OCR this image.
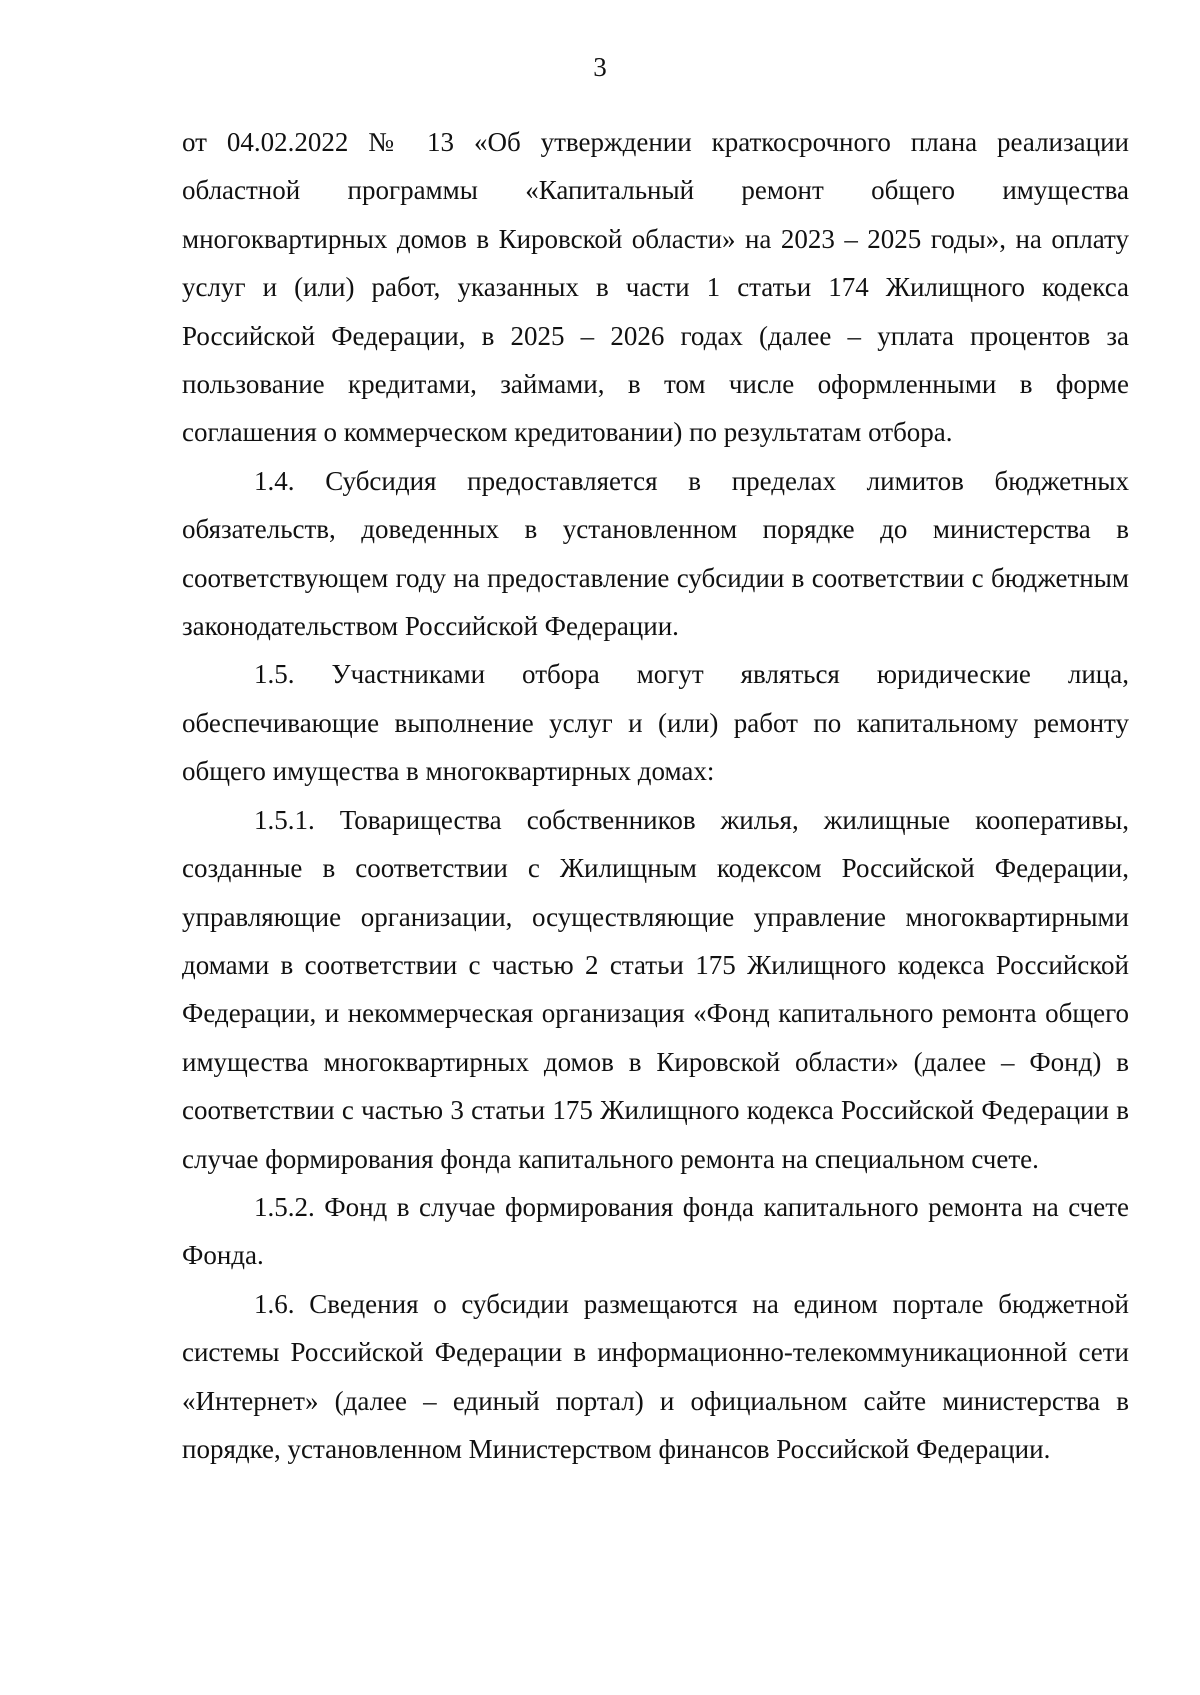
3

от 04.02.2022 № 13 «Об утверждении краткосрочного плана реализации областной программы «Капитальный ремонт общего имущества многоквартирных домов в Кировской области» на 2023 – 2025 годы», на оплату услуг и (или) работ, указанных в части 1 статьи 174 Жилищного кодекса Российской Федерации, в 2025 – 2026 годах (далее – уплата процентов за пользование кредитами, займами, в том числе оформленными в форме соглашения о коммерческом кредитовании) по результатам отбора.

1.4. Субсидия предоставляется в пределах лимитов бюджетных обязательств, доведенных в установленном порядке до министерства в соответствующем году на предоставление субсидии в соответствии с бюджетным законодательством Российской Федерации.

1.5. Участниками отбора могут являться юридические лица, обеспечивающие выполнение услуг и (или) работ по капитальному ремонту общего имущества в многоквартирных домах:

1.5.1. Товарищества собственников жилья, жилищные кооперативы, созданные в соответствии с Жилищным кодексом Российской Федерации, управляющие организации, осуществляющие управление многоквартирными домами в соответствии с частью 2 статьи 175 Жилищного кодекса Российской Федерации, и некоммерческая организация «Фонд капитального ремонта общего имущества многоквартирных домов в Кировской области» (далее – Фонд) в соответствии с частью 3 статьи 175 Жилищного кодекса Российской Федерации в случае формирования фонда капитального ремонта на специальном счете.

1.5.2. Фонд в случае формирования фонда капитального ремонта на счете Фонда.

1.6. Сведения о субсидии размещаются на едином портале бюджетной системы Российской Федерации в информационно-телекоммуникационной сети «Интернет» (далее – единый портал) и официальном сайте министерства в порядке, установленном Министерством финансов Российской Федерации.
